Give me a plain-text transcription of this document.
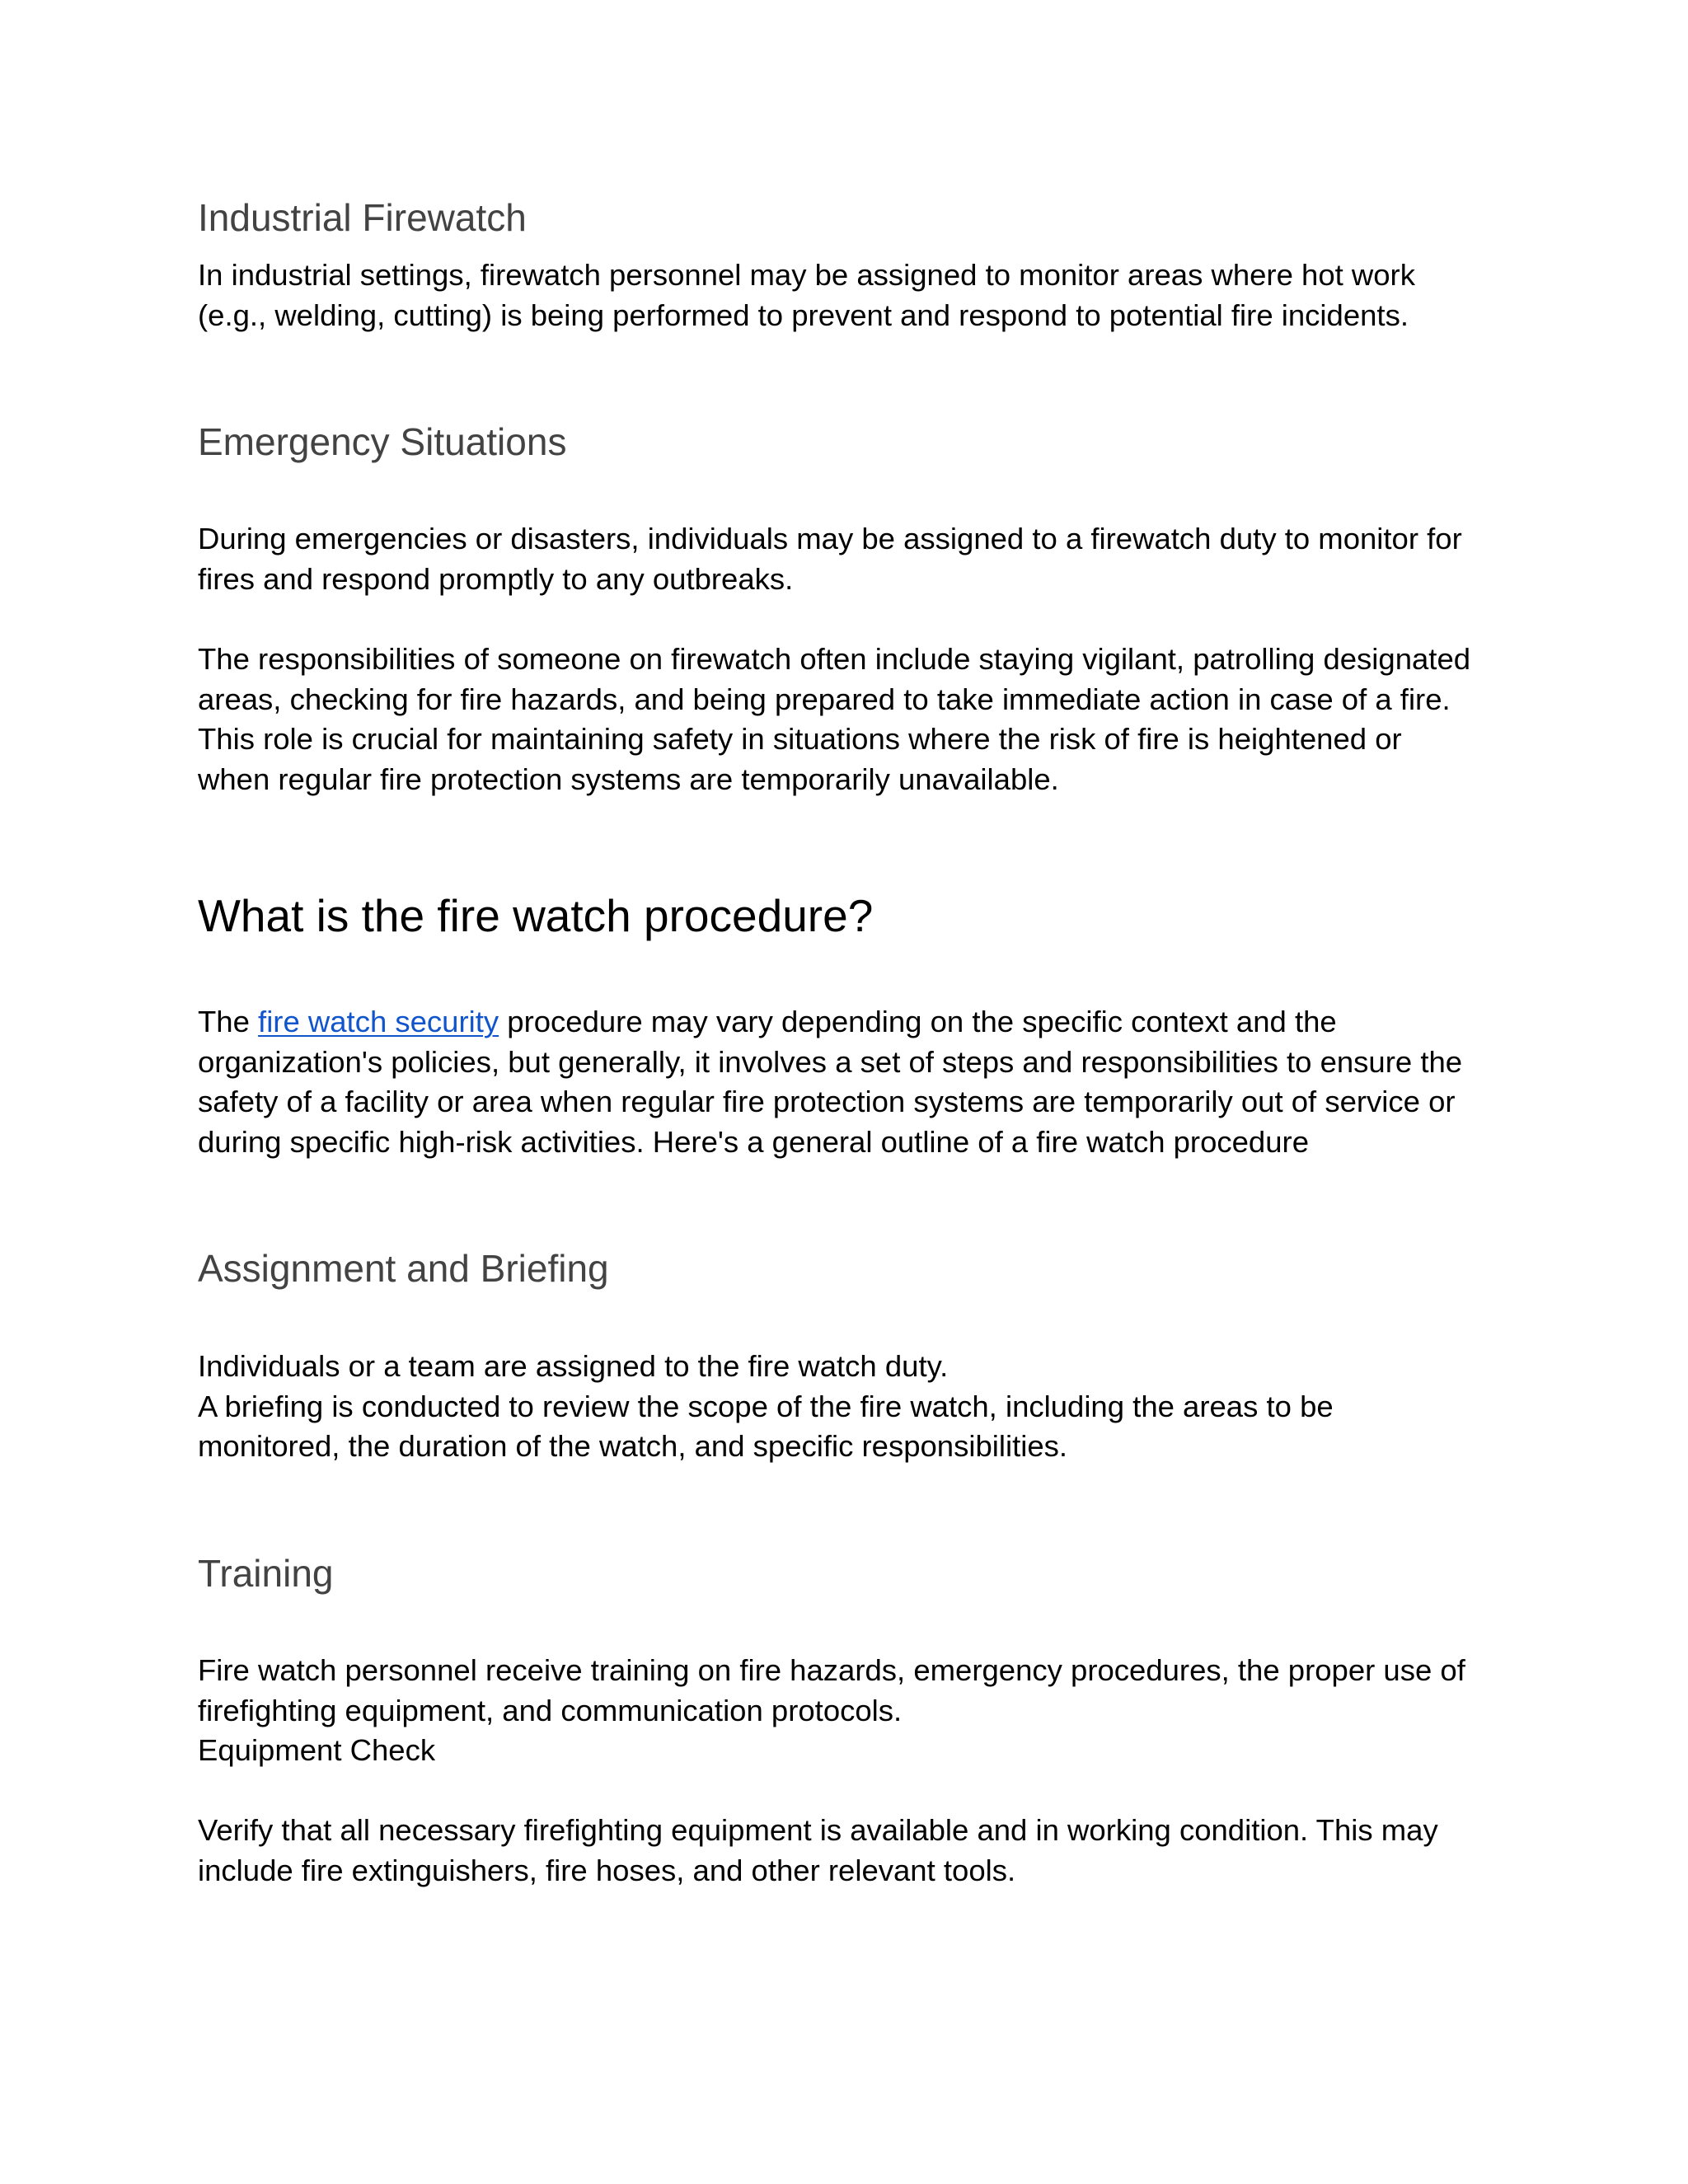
Industrial Firewatch

In industrial settings, firewatch personnel may be assigned to monitor areas where hot work
(e.g., welding, cutting) is being performed to prevent and respond to potential fire incidents.

Emergency Situations

During emergencies or disasters, individuals may be assigned to a firewatch duty to monitor for
fires and respond promptly to any outbreaks.

The responsibilities of someone on firewatch often include staying vigilant, patrolling designated
areas, checking for fire hazards, and being prepared to take immediate action in case of a fire.
This role is crucial for maintaining safety in situations where the risk of fire is heightened or
when regular fire protection systems are temporarily unavailable.

What is the fire watch procedure?

The fire watch security procedure may vary depending on the specific context and the
organization's policies, but generally, it involves a set of steps and responsibilities to ensure the
safety of a facility or area when regular fire protection systems are temporarily out of service or
during specific high-risk activities. Here's a general outline of a fire watch procedure

Assignment and Briefing

Individuals or a team are assigned to the fire watch duty.
A briefing is conducted to review the scope of the fire watch, including the areas to be
monitored, the duration of the watch, and specific responsibilities.

Training

Fire watch personnel receive training on fire hazards, emergency procedures, the proper use of
firefighting equipment, and communication protocols.
Equipment Check

Verify that all necessary firefighting equipment is available and in working condition. This may
include fire extinguishers, fire hoses, and other relevant tools.
